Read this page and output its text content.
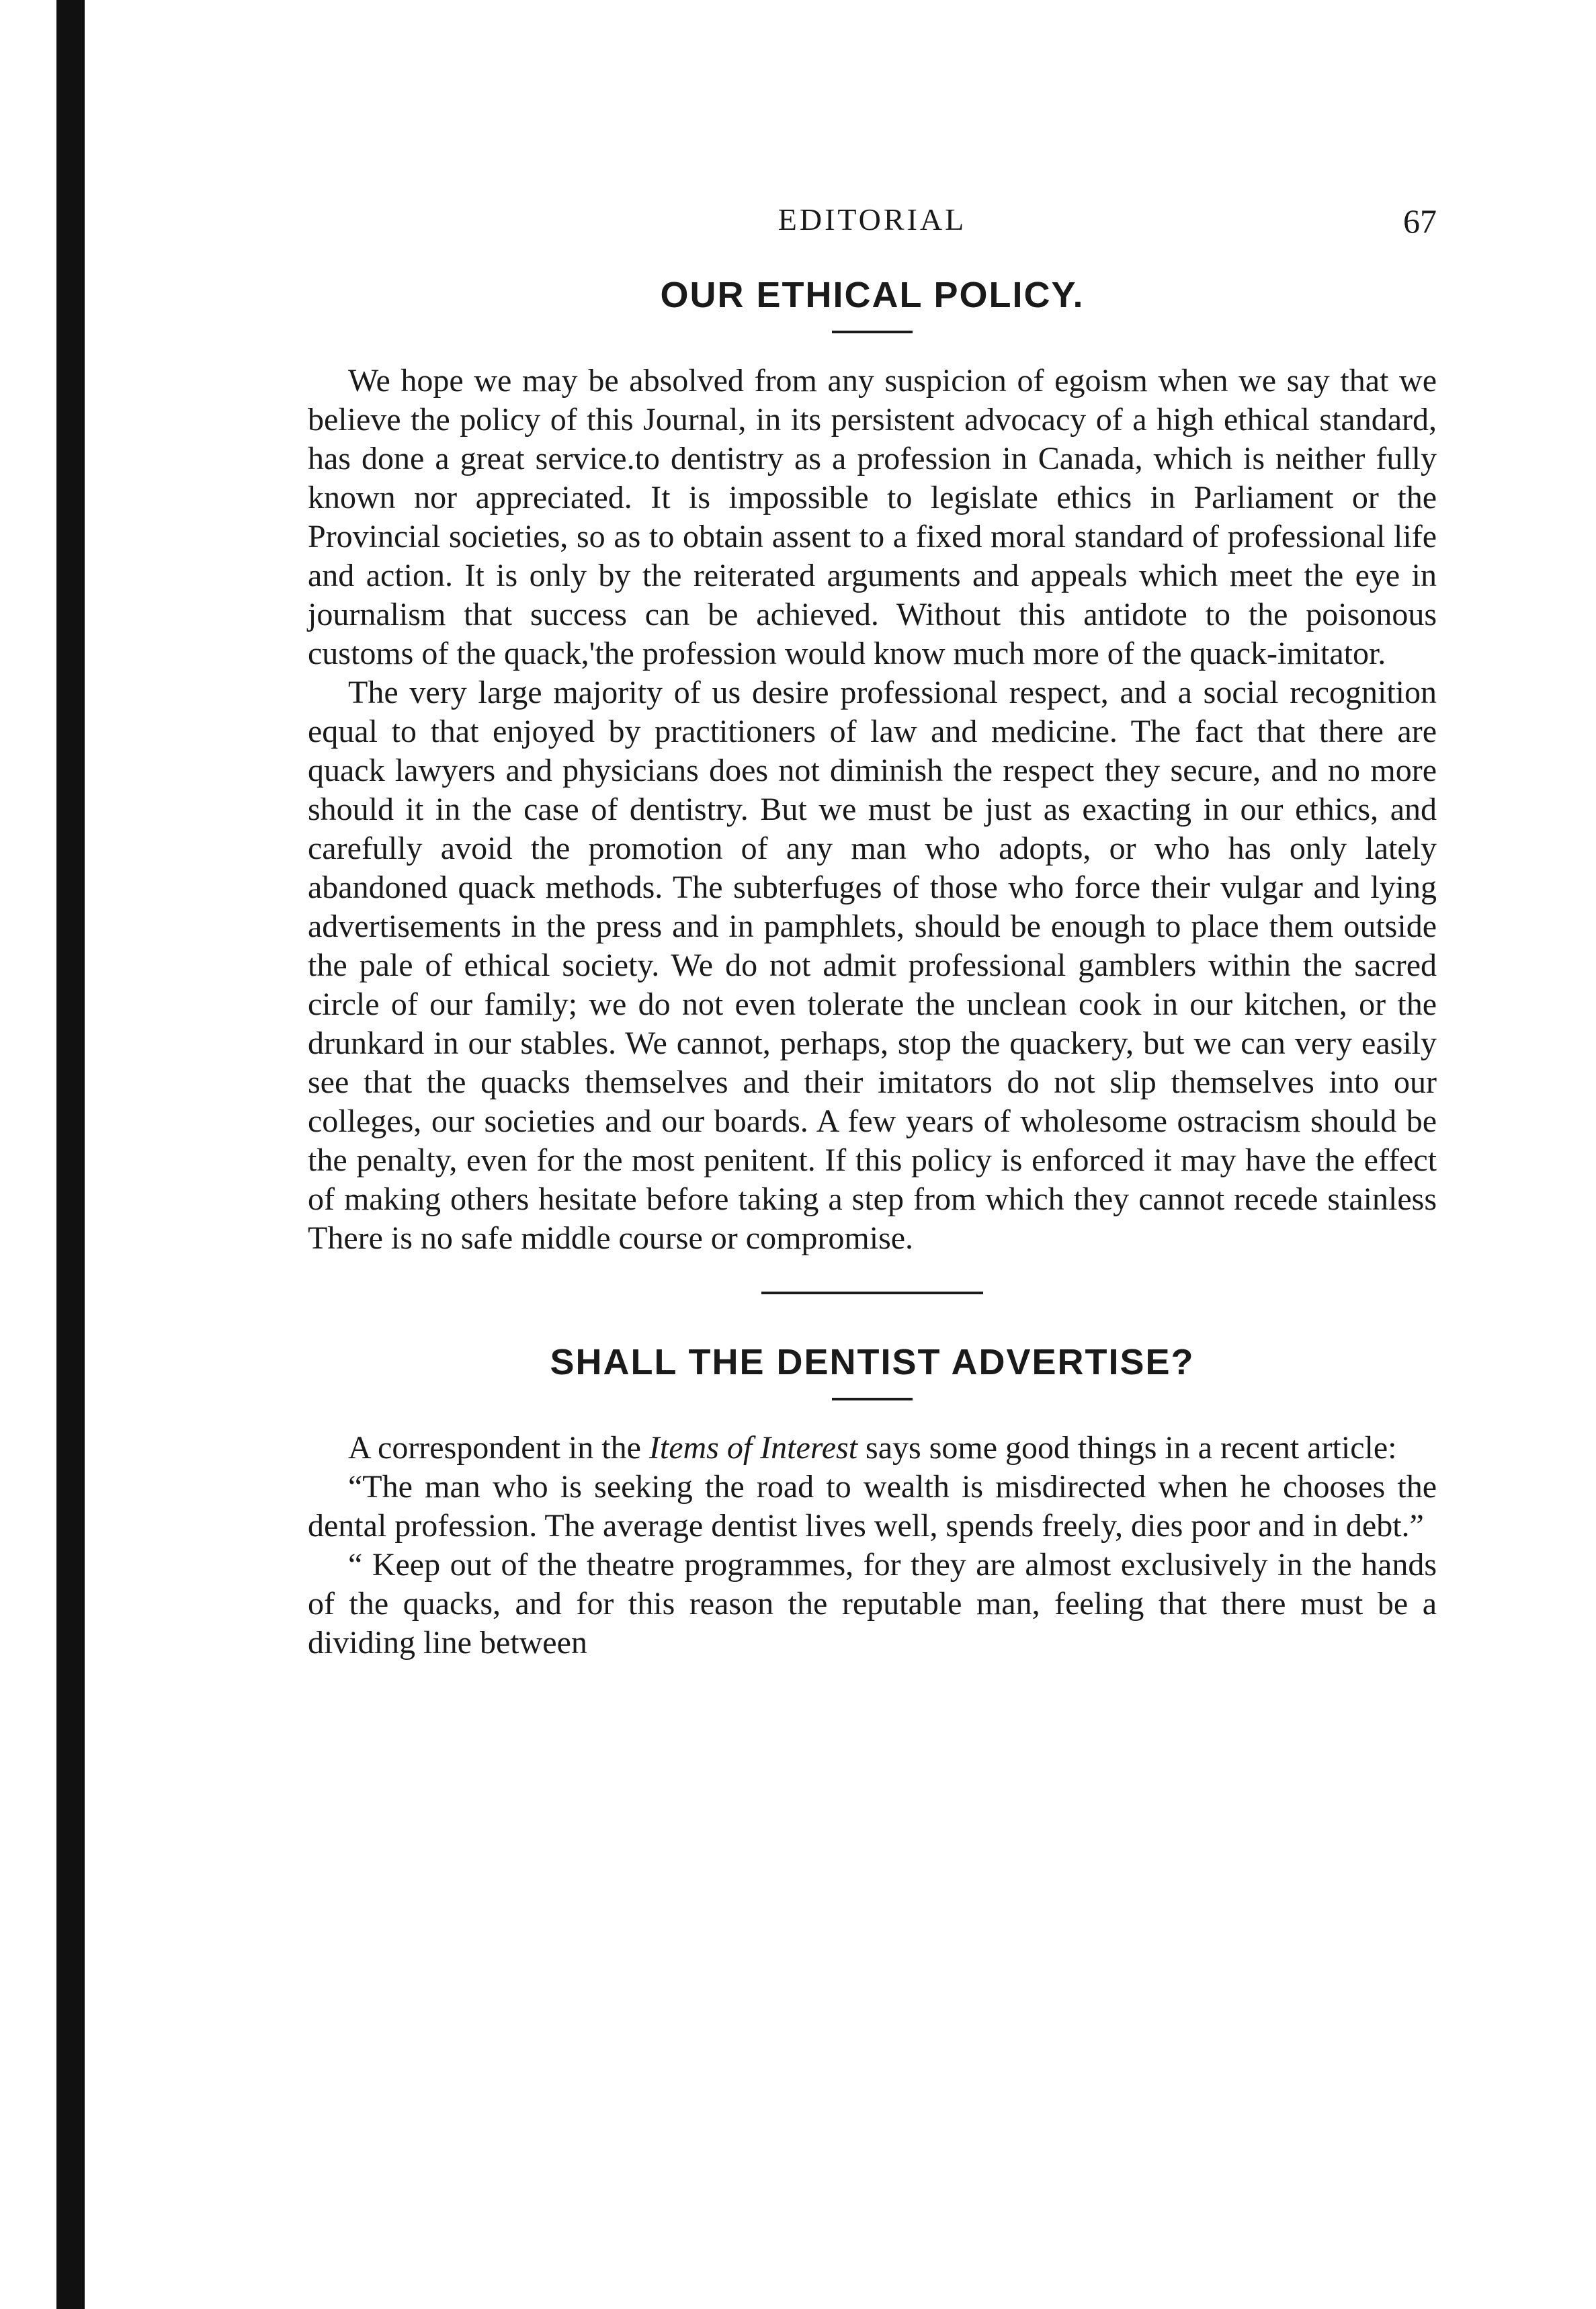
EDITORIAL	67
OUR ETHICAL POLICY.

We hope we may be absolved from any suspicion of egoism when we say that we believe the policy of this Journal, in its persistent advocacy of a high ethical standard, has done a great service.to dentistry as a profession in Canada, which is neither fully known nor appreciated. It is impossible to legislate ethics in Parliament or the Provincial societies, so as to obtain assent to a fixed moral standard of professional life and action. It is only by the reiterated arguments and appeals which meet the eye in journalism that success can be achieved. Without this antidote to the poisonous customs of the quack,'the profession would know much more of the quack-imitator.

The very large majority of us desire professional respect, and a social recognition equal to that enjoyed by practitioners of law and medicine. The fact that there are quack lawyers and physicians does not diminish the respect they secure, and no more should it in the case of dentistry. But we must be just as exacting in our ethics, and carefully avoid the promotion of any man who adopts, or who has only lately abandoned quack methods. The subterfuges of those who force their vulgar and lying advertisements in the press and in pamphlets, should be enough to place them outside the pale of ethical society. We do not admit professional gamblers within the sacred circle of our family; we do not even tolerate the unclean cook in our kitchen, or the drunkard in our stables. We cannot, perhaps, stop the quackery, but we can very easily see that the quacks themselves and their imitators do not slip themselves into our colleges, our societies and our boards. A few years of wholesome ostracism should be the penalty, even for the most penitent. If this policy is enforced it may have the effect of making others hesitate before taking a step from which they cannot recede stainless There is no safe middle course or compromise.

SHALL THE DENTIST ADVERTISE?

A correspondent in the Items of Interest says some good things in a recent article:

“The man who is seeking the road to wealth is misdirected when he chooses the dental profession. The average dentist lives well, spends freely, dies poor and in debt.”

“ Keep out of the theatre programmes, for they are almost exclusively in the hands of the quacks, and for this reason the reputable man, feeling that there must be a dividing line between
